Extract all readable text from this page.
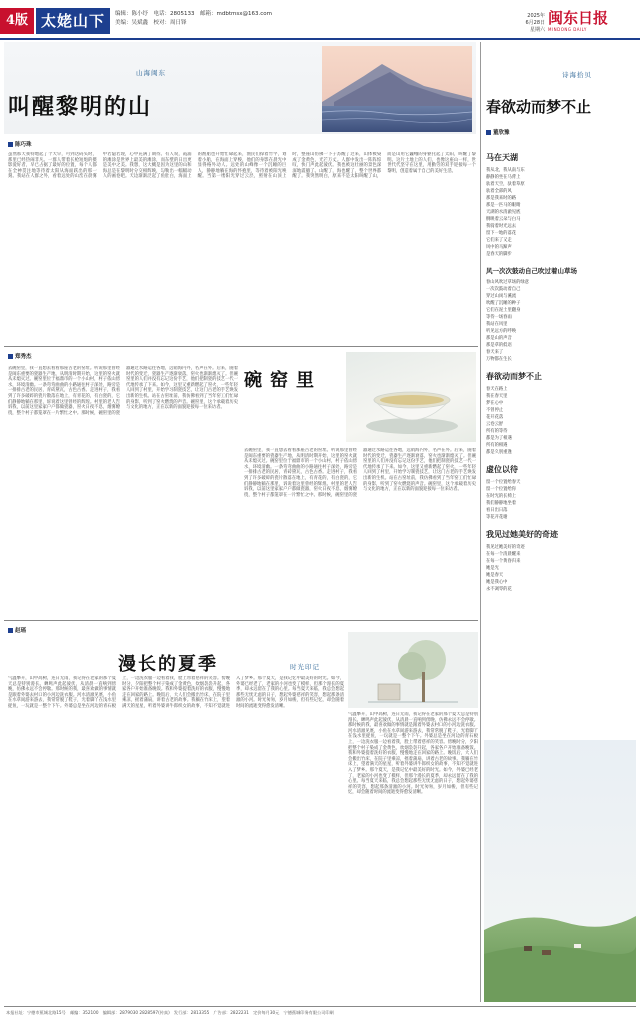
4版 太姥山下	编辑：陈小纾　电话：2805133　邮箱：mdbtmsx@163.com
美编：吴斌鑫　校对：周日锋
2025年
6月28日
星期六
闽东日报
MINDONG DAILY
山海闽东
叫醒黎明的山
陈巧珠
虽然那天我特地起了个大早，可到达码头时，那里已经热闹非凡。一群人带着长枪短炮的摄影爱好者，早已占据了最好的位置，每个人都在全神贯注地等待着太阳从海面跃出的那一刻。我站在人群之外，看着远处的山峦在晨雾中若隐若现，心中充满了期待。有人说，霞浦的滩涂是世界上最美的滩涂，而东壁的日出更是美中之美。我想，这大概是因为这里的山和海总是在黎明时分交相辉映，勾勒出一幅幅动人的画卷吧。天边渐渐泛起了鱼肚白，海面上的渔船也开始忙碌起来，渔民们撑着竹竿，划着小船，在海面上穿梭，他们的身影在晨光中显得格外动人。远处的山峰像一个沉睡的巨人，静静地躺在海的怀抱里，等待着被阳光唤醒。当第一缕阳光穿过云层，照射在山顶上时，整座山仿佛一下子苏醒了过来，山体被染成了金黄色，光芒万丈。人群中发出一阵阵惊叹，快门声此起彼伏。我也被这壮丽的景色深深地震撼了。山醒了，海也醒了，整个世界都醒了。我突然明白，原来不是太阳叫醒了山，而是山用它巍峨的身躯托起了太阳，叫醒了黎明。这片土地上的人们，也像这座山一样，世世代代坚守在这里，用勤劳的双手迎接每一个黎明，创造着属于自己的美好生活。
诗海拾贝
春欲动而梦不止
董欣豫
马在天湖
我从北，我从南与东
静静的坐在马背上
驮着天空，驮着草原
驮着全部的风
那是我来时的路
那是一匹马的眼睛
天湖的水清澈见底
倒映着云朵与白马
我骑着时光远去
留下一地的落花
它们来了又走
风中的马蹄声
是春天的脚步
风一次次鼓动自己吹过着山草场
春山风吹过草场的绿意
一次次鼓动着自己
穿过山岗与溪流
吹醒了沉睡的种子
它们在泥土里翻身
等待一场春雨
我站在风里
听见远方的呼唤
那是山的声音
那是草的低语
春天来了
万物都在生长
春欲动而梦不止
春天在路上
我在春天里
梦在心中
不曾停止
花开花落
云卷云舒
所有的等待
都是为了相遇
所有的相遇
都是久别重逢
虚位以待
留一个位置给春天
留一个位置给你
在时光的长椅上
我们静静地坐着
看日出日落
等花开花谢
我见过她美好的奇迹
我见过她美好的奇迹
在每一个清晨醒来
在每一个黄昏归来
她是光
她是春天
她是我心中
永不凋零的花
郑秀杰
碗窑里
去碗窑里，我一直想去看看那座古老的窑址。听说那里曾经是闽东重要的瓷器生产地，从明清时期开始，这里的窑火就从未熄灭过。碗窑里位于福鼎市的一个小山村，村子依山傍水，环境清幽。一条弯弯曲曲的小路通往村子深处，路旁是一排排古老的民居，青砖黛瓦，古色古香。走进村子，我看到了许多破碎的瓷片散落在地上，有青花的，有白瓷的，它们静静地躺在那里，诉说着这里曾经的辉煌。村里的老人告诉我，以前这里家家户户都做瓷器，窑火日夜不息，烟雾缭绕，整个村子都笼罩在一片繁忙之中。那时候，碗窑里的瓷器通过水路运往各地，远销海内外，名声在外。后来，随着时代的变迁，瓷器生产逐渐衰落，窑火也渐渐熄灭了。但碗窑里的人们并没有忘记这份手艺，他们把制瓷的技艺一代一代地传承了下来。如今，这里又重新燃起了窑火，一些年轻人回到了村里，开始学习制瓷技艺，让这门古老的手艺焕发出新的生机。站在古窑址前，我仿佛看到了当年窑工们忙碌的身影，听到了窑火燃烧的声音。碗窑里，这个承载着历史与文化的地方，正在以新的面貌迎接每一位来访者。
去碗窑里，我一直想去看看那座古老的窑址。听说那里曾经是闽东重要的瓷器生产地，从明清时期开始，这里的窑火就从未熄灭过。碗窑里位于福鼎市的一个小山村，村子依山傍水，环境清幽。一条弯弯曲曲的小路通往村子深处，路旁是一排排古老的民居，青砖黛瓦，古色古香。走进村子，我看到了许多破碎的瓷片散落在地上，有青花的，有白瓷的，它们静静地躺在那里，诉说着这里曾经的辉煌。村里的老人告诉我，以前这里家家户户都做瓷器，窑火日夜不息，烟雾缭绕，整个村子都笼罩在一片繁忙之中。那时候，碗窑里的瓷器通过水路运往各地，远销海内外，名声在外。后来，随着时代的变迁，瓷器生产逐渐衰落，窑火也渐渐熄灭了。但碗窑里的人们并没有忘记这份手艺，他们把制瓷的技艺一代一代地传承了下来。如今，这里又重新燃起了窑火，一些年轻人回到了村里，开始学习制瓷技艺，让这门古老的手艺焕发出新的生机。站在古窑址前，我仿佛看到了当年窑工们忙碌的身影，听到了窑火燃烧的声音。碗窑里，这个承载着历史与文化的地方，正在以新的面貌迎接每一位来访者。
赵瑶
漫长的夏季	时光印记
气温攀升，山中高树，连日无雨，我记得在老家的那个夏天总是特别漫长。蝉鸣声此起彼伏，从清晨一直响到傍晚，仿佛永远不会停歇。那时候的我，最喜欢做的事情就是跟着外婆去村口的小河边洗衣服。河水清澈见底，小鱼在水草间游来游去，我常常脱了鞋子，光着脚丫在浅水里捉鱼，一玩就是一整个下午。外婆总是坐在河边的青石板上，一边洗衣服一边看着我，脸上带着慈祥的笑容。傍晚时分，夕阳把整个村子染成了金黄色，炊烟袅袅升起，各家各户开始准备晚饭。我和外婆提着洗好的衣服，慢慢地走在回家的路上。晚饭后，大人们会搬出竹床，在院子里乘凉，摇着蒲扇，讲着古老的故事。我躺在竹床上，望着满天的星星，听着外婆讲牛郎织女的故事，不知不觉就进入了梦乡。那个夏天，是我记忆中最美好的时光。如今，外婆已经老了，老家的小河也变了模样，但那个漫长的夏季，却永远留在了我的心里。每当夏天来临，我总会想起那些无忧无虑的日子，想起外婆慈祥的笑容，想起那条清澈的小河。时光匆匆，岁月如梭，但有些记忆，却会随着时间的流逝变得愈发清晰。
气温攀升，山中高树，连日无雨，我记得在老家的那个夏天总是特别漫长。蝉鸣声此起彼伏，从清晨一直响到傍晚，仿佛永远不会停歇。那时候的我，最喜欢做的事情就是跟着外婆去村口的小河边洗衣服。河水清澈见底，小鱼在水草间游来游去，我常常脱了鞋子，光着脚丫在浅水里捉鱼，一玩就是一整个下午。外婆总是坐在河边的青石板上，一边洗衣服一边看着我，脸上带着慈祥的笑容。傍晚时分，夕阳把整个村子染成了金黄色，炊烟袅袅升起，各家各户开始准备晚饭。我和外婆提着洗好的衣服，慢慢地走在回家的路上。晚饭后，大人们会搬出竹床，在院子里乘凉，摇着蒲扇，讲着古老的故事。我躺在竹床上，望着满天的星星，听着外婆讲牛郎织女的故事，不知不觉就进入了梦乡。那个夏天，是我记忆中最美好的时光。如今，外婆已经老了，老家的小河也变了模样，但那个漫长的夏季，却永远留在了我的心里。每当夏天来临，我总会想起那些无忧无虑的日子，想起外婆慈祥的笑容，想起那条清澈的小河。时光匆匆，岁月如梭，但有些记忆，却会随着时间的流逝变得愈发清晰。
本报社址：宁德市蕉城北路15号　邮编：352100　编辑部：2879030 2828597(传真)　发行部：2813355　广告部：2822231　定价每月30元　宁德蕉城印务有限公司印刷
